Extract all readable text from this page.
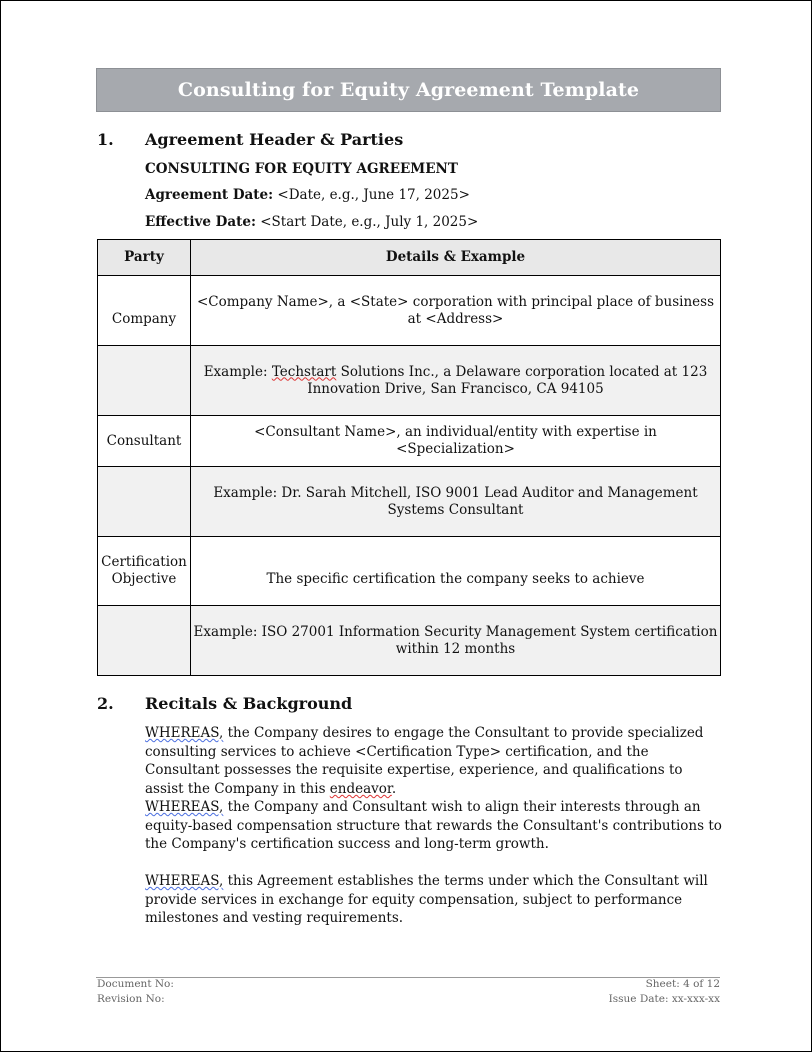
Consulting for Equity Agreement Template
1.	Agreement Header & Parties
CONSULTING FOR EQUITY AGREEMENT
Agreement Date: <Date, e.g., June 17, 2025>
Effective Date: <Start Date, e.g., July 1, 2025>
Party	Details & Example
Company	<Company Name>, a <State> corporation with principal place of business at <Address>
	Example: Techstart Solutions Inc., a Delaware corporation located at 123 Innovation Drive, San Francisco, CA 94105
Consultant	<Consultant Name>, an individual/entity with expertise in <Specialization>
	Example: Dr. Sarah Mitchell, ISO 9001 Lead Auditor and Management Systems Consultant
Certification Objective	The specific certification the company seeks to achieve
	Example: ISO 27001 Information Security Management System certification within 12 months
2.	Recitals & Background
WHEREAS, the Company desires to engage the Consultant to provide specialized consulting services to achieve <Certification Type> certification, and the Consultant possesses the requisite expertise, experience, and qualifications to assist the Company in this endeavor.
WHEREAS, the Company and Consultant wish to align their interests through an equity-based compensation structure that rewards the Consultant's contributions to the Company's certification success and long-term growth.
WHEREAS, this Agreement establishes the terms under which the Consultant will provide services in exchange for equity compensation, subject to performance milestones and vesting requirements.
Document No:
Revision No:
Sheet: 4 of 12
Issue Date: xx-xxx-xx
